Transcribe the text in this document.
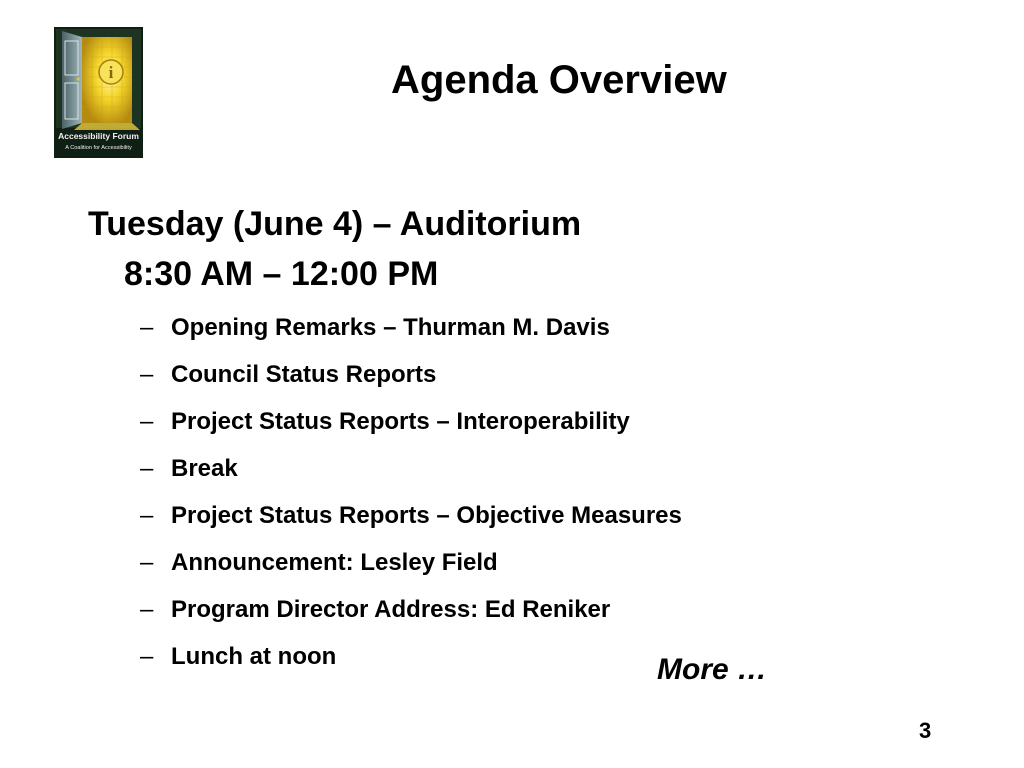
i
Accessibility Forum
A Coalition for Accessibility
Agenda Overview
Tuesday (June 4) – Auditorium
8:30 AM – 12:00 PM
– Opening Remarks – Thurman M. Davis
– Council Status Reports
– Project Status Reports – Interoperability
– Break
– Project Status Reports – Objective Measures
– Announcement: Lesley Field
– Program Director Address: Ed Reniker
– Lunch at noon	More …
3
